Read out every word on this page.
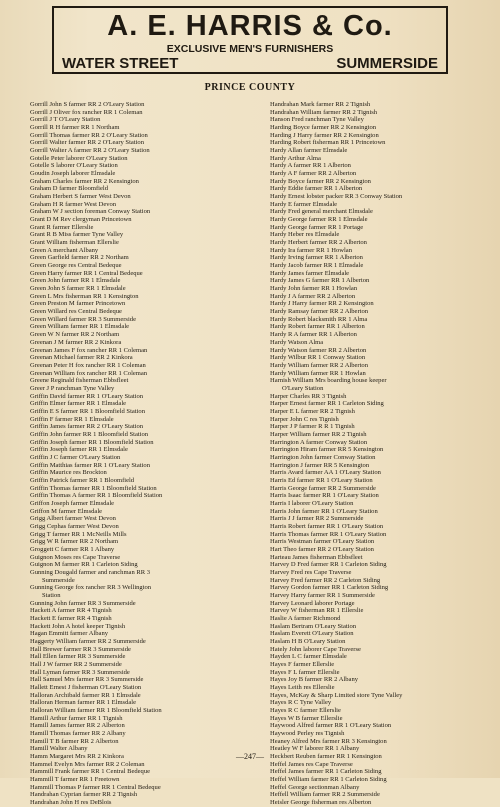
A. E. HARRIS & Co.
EXCLUSIVE MEN'S FURNISHERS
WATER STREET	SUMMERSIDE
PRINCE COUNTY
Gorrill John S farmer RR 2 O'Leary Station
Gorrill J Oliver fox rancher RR 1 Coleman
Gorrill J T O'Leary Station
Gorrill R H farmer RR 1 Northam
Gorrill Thomas farmer RR 2 O'Leary Station
Gorrill Walter farmer RR 2 O'Leary Station
Gorrill Walter A farmer RR 2 O'Leary Station
Gotelle Peter laborer O'Leary Station
Gotelle S laborer O'Leary Station
Goudin Joseph laborer Elmsdale
Graham Charles farmer RR 2 Kensington
Graham D farmer Bloomfield
Graham Herbert S farmer West Devon
Graham H R farmer West Devon
Graham W J section foreman Conway Station
Grant D M Rev clergyman Princetown
Grant R farmer Ellerslie
Grant R B Miss farmer Tyne Valley
Grant William fisherman Ellerslie
Green A merchant Albany
Green Garfield farmer RR 2 Northam
Green George res Central Bedeque
Green Harry farmer RR 1 Central Bedeque
Green John farmer RR 1 Elmsdale
Green John S farmer RR 1 Elmsdale
Green L Mrs fisherman RR 1 Kensington
Green Preston M farmer Princetown
Green Willard res Central Bedeque
Green Willard farmer RR 3 Summerside
Green William farmer RR 1 Elmsdale
Green W N farmer RR 2 Northam
Greenan J M farmer RR 2 Kinkora
Greenan James F fox rancher RR 1 Coleman
Greenan Michael farmer RR 2 Kinkora
Greenan Peter H fox rancher RR 1 Coleman
Greenan William fox rancher RR 1 Coleman
Greene Reginald fisherman Ebbsfleet
Greer J P ranchman Tyne Valley
Griffin David farmer RR 1 O'Leary Station
Griffin Elmer farmer RR 1 Elmsdale
Griffin E S farmer RR 1 Bloomfield Station
Griffin F farmer RR 1 Elmsdale
Griffin James farmer RR 2 O'Leary Station
Griffin John farmer RR 1 Bloomfield Station
Griffin Joseph farmer RR 1 Bloomfield Station
Griffin Joseph farmer RR 1 Elmsdale
Griffin J C farmer O'Leary Station
Griffin Matthias farmer RR 1 O'Leary Station
Griffin Maurice res Brockton
Griffin Patrick farmer RR 1 Bloomfield
Griffin Thomas farmer RR 1 Bloomfield Station
Griffin Thomas A farmer RR 1 Bloomfield Station
Griffon Joseph farmer Elmsdale
Griffon M farmer Elmsdale
Grigg Albert farmer West Devon
Grigg Cephas farmer West Devon
Grigg T farmer RR 1 McNeills Mills
Grigg W R farmer RR 2 Northam
Groggett C farmer RR 1 Albany
Guignon Moses res Cape Traverse
Guignon M farmer RR 1 Carleton Siding
Gunning Dougald farmer and ranchman RR 3
Summerside
Gunning George fox rancher RR 3 Wellington
Station
Gunning John farmer RR 3 Summerside
Hackett A farmer RR 4 Tignish
Hackett E farmer RR 4 Tignish
Hackett John A hotel keeper Tignish
Hagan Emmitt farmer Albany
Haggerty William farmer RR 2 Summerside
Hall Brewer farmer RR 3 Summerside
Hall Ellen farmer RR 3 Summerside
Hall J W farmer RR 2 Summerside
Hall Lyman farmer RR 3 Summerside
Hall Samuel Mrs farmer RR 3 Summerside
Hallett Ernest J fisherman O'Leary Station
Halloran Archibald farmer RR 1 Elmsdale
Halloran Herman farmer RR 1 Elmsdale
Halloran William farmer RR 1 Bloomfield Station
Hamill Arthur farmer RR 1 Tignish
Hamill James farmer RR 2 Alberton
Hamill Thomas farmer RR 2 Albany
Hamill T B farmer RR 2 Alberton
Hamill Walter Albany
Hamm Margaret Mrs RR 2 Kinkora
Hammel Evelyn Mrs farmer RR 2 Coleman
Hammill Frank farmer RR 1 Central Bedeque
Hammill T farmer RR 1 Freetown
Hammill Thomas P farmer RR 1 Central Bedeque
Handrahan Cyprian farmer RR 2 Tignish
Handrahan John H res DeBlois
Handrahan Mark farmer RR 2 Tignish
Handrahan William farmer RR 2 Tignish
Hanson Fred ranchman Tyne Valley
Harding Boyce farmer RR 2 Kensington
Harding J Harry farmer RR 2 Kensington
Harding Robert fisherman RR 1 Princetown
Hardy Allan farmer Elmsdale
Hardy Arthur Alma
Hardy A farmer RR 1 Alberton
Hardy A F farmer RR 2 Alberton
Hardy Boyce farmer RR 2 Kensington
Hardy Eddie farmer RR 1 Alberton
Hardy Ernest lobster packer RR 3 Conway Station
Hardy E farmer Elmsdale
Hardy Fred general merchant Elmsdale
Hardy George farmer RR 1 Elmsdale
Hardy George farmer RR 1 Portage
Hardy Heber res Elmsdale
Hardy Herbert farmer RR 2 Alberton
Hardy Ira farmer RR 1 Howlan
Hardy Irving farmer RR 1 Alberton
Hardy Jacob farmer RR 1 Elmsdale
Hardy James farmer Elmsdale
Hardy James G farmer RR 1 Alberton
Hardy John farmer RR 1 Howlan
Hardy J A farmer RR 2 Alberton
Hardy J Harry farmer RR 2 Kensington
Hardy Ramsay farmer RR 2 Alberton
Hardy Robert blacksmith RR 1 Alma
Hardy Robert farmer RR 1 Alberton
Hardy R A farmer RR 1 Alberton
Hardy Watson Alma
Hardy Watson farmer RR 2 Alberton
Hardy Wilbur RR 1 Conway Station
Hardy William farmer RR 2 Alberton
Hardy William farmer RR 1 Howlan
Harnish William Mrs boarding house keeper
O'Leary Station
Harper Charles RR 3 Tignish
Harper Ernest farmer RR 1 Carleton Siding
Harper E L farmer RR 2 Tignish
Harper John C res Tignish
Harper J P farmer R R 1 Tignish
Harper William farmer RR 2 Tignish
Harrington A farmer Conway Station
Harrington Hiram farmer RR 5 Kensington
Harrington John farmer Conway Station
Harrington J farmer RR 5 Kensington
Harris Avard farmer AA 1 O'Leary Station
Harris Ed farmer RR 1 O'Leary Station
Harris George farmer RR 2 Summerside
Harris Isaac farmer RR 1 O'Leary Station
Harris I laborer O'Leary Station
Harris John farmer RR 1 O'Leary Station
Harris J J farmer RR 2 Summerside
Harris Robert farmer RR 1 O'Leary Station
Harris Thomas farmer RR 1 O'Leary Station
Harris Westman farmer O'Leary Station
Hart Theo farmer RR 2 O'Leary Station
Harteau James fisherman Ebbsfleet
Harvey D Fred farmer RR 1 Carleton Siding
Harvey Fred res Cape Traverse
Harvey Fred farmer RR 2 Carleton Siding
Harvey Gordon farmer RR 1 Carleton Siding
Harvey Harry farmer RR 1 Summerside
Harvey Leonard laborer Portage
Harvey W fisherman RR 1 Ellerslie
Haslie A farmer Richmond
Haslam Bertram O'Leary Station
Haslam Everett O'Leary Station
Haslam H B O'Leary Station
Hately John laborer Cape Traverse
Hayden L C farmer Elmsdale
Hayes F farmer Ellerslie
Hayes F L farmer Ellerslie
Hayes Joy B farmer RR 2 Albany
Hayes Leith res Ellerslie
Hayes, McKay & Sharp Limited store Tyne Valley
Hayes R C Tyne Valley
Hayes R C farmer Ellerslie
Hayes W B farmer Ellerslie
Haywood Alfred farmer RR 1 O'Leary Station
Haywood Perley res Tignish
Heaney Alfred Mrs farmer RR 3 Kensington
Heatley W F laborer RR 1 Albany
Heckbert Reuben farmer RR 1 Kensington
Heffel James res Cape Traverse
Heffel James farmer RR 1 Carleton Siding
Heffel William farmer RR 1 Carleton Siding
Heffel George sectionman Albany
Heffell William farmer RR 2 Summerside
Heisler George fisherman res Alberton
—247—
